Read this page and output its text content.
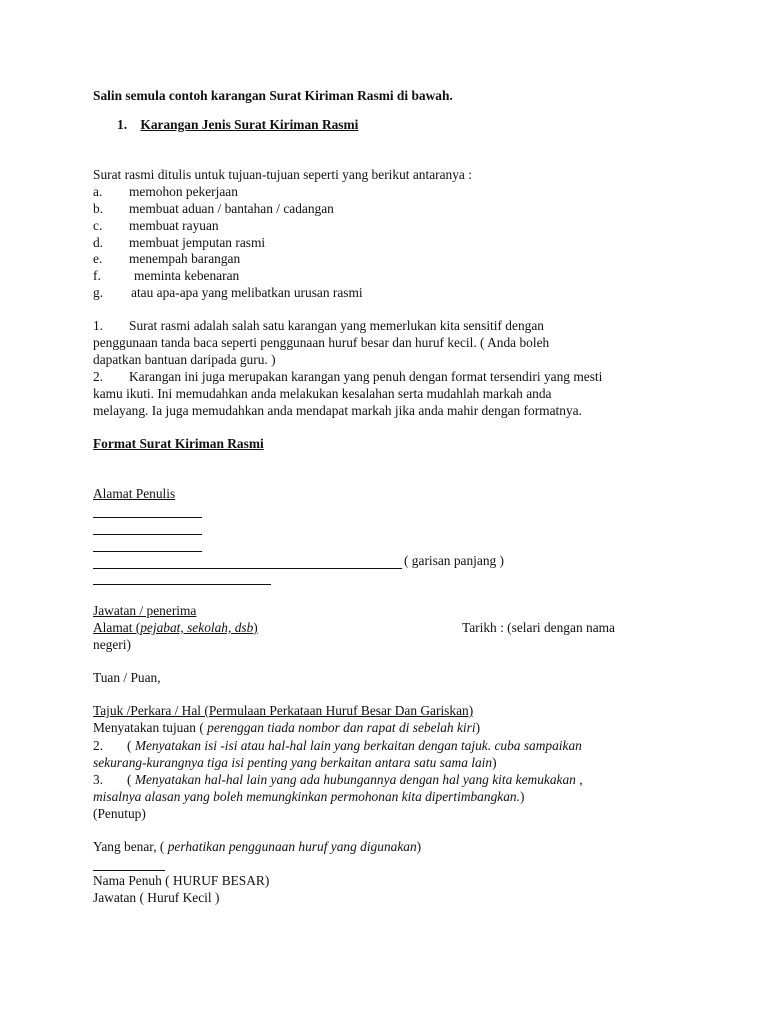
Salin semula contoh karangan Surat Kiriman Rasmi di bawah.
1. Karangan Jenis Surat Kiriman Rasmi
Surat rasmi ditulis untuk tujuan-tujuan seperti yang berikut antaranya :
a. memohon pekerjaan
b. membuat aduan / bantahan / cadangan
c. membuat rayuan
d. membuat jemputan rasmi
e. menempah barangan
f. meminta kebenaran
g. atau apa-apa yang melibatkan urusan rasmi
1. Surat rasmi adalah salah satu karangan yang memerlukan kita sensitif dengan
penggunaan tanda baca seperti penggunaan huruf besar dan huruf kecil. ( Anda boleh
dapatkan bantuan daripada guru. )
2. Karangan ini juga merupakan karangan yang penuh dengan format tersendiri yang mesti
kamu ikuti. Ini memudahkan anda melakukan kesalahan serta mudahlah markah anda
melayang. Ia juga memudahkan anda mendapat markah jika anda mahir dengan formatnya.
Format Surat Kiriman Rasmi
Alamat Penulis
( garisan panjang )
Jawatan / penerima
Alamat (pejabat, sekolah, dsb)	Tarikh : (selari dengan nama
negeri)
Tuan / Puan,
Tajuk /Perkara / Hal (Permulaan Perkataan Huruf Besar Dan Gariskan)
Menyatakan tujuan ( perenggan tiada nombor dan rapat di sebelah kiri)
2. ( Menyatakan isi -isi atau hal-hal lain yang berkaitan dengan tajuk. cuba sampaikan
sekurang-kurangnya tiga isi penting yang berkaitan antara satu sama lain)
3. ( Menyatakan hal-hal lain yang ada hubungannya dengan hal yang kita kemukakan ,
misalnya alasan yang boleh memungkinkan permohonan kita dipertimbangkan.)
(Penutup)
Yang benar, ( perhatikan penggunaan huruf yang digunakan)
Nama Penuh ( HURUF BESAR)
Jawatan ( Huruf Kecil )
